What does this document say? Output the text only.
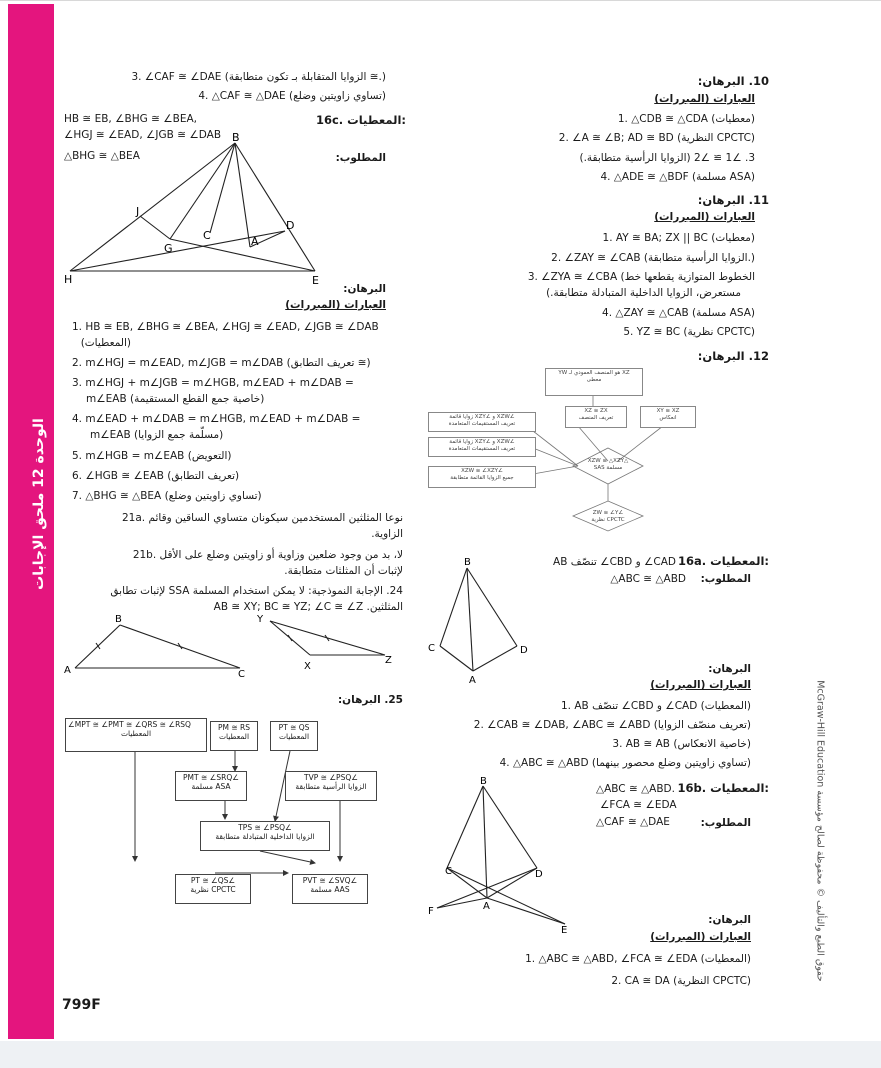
الوحدة 12 ملحق الإجابات
799F
McGraw-Hill Education حقوق الطبع والتأليف © محفوظة لصالح مؤسسة
3. ∠CAF ≅ ∠DAE (الزوايا المتقابلة بـ تكون متطابقة ≅.)
4. △CAF ≅ △DAE (تساوي زاويتين وضلع)
16c. المعطيات:
HB ≅ EB, ∠BHG ≅ ∠BEA,
∠HGJ ≅ ∠EAD, ∠JGB ≅ ∠DAB
△BHG ≅ △BEA	المطلوب:
B
J
G
C	A
D
H	E
البرهان:
العبارات (المبررات)
1. HB ≅ EB, ∠BHG ≅ ∠BEA, ∠HGJ ≅ ∠EAD, ∠JGB ≅ ∠DAB
(المعطيات)
2. m∠HGJ = m∠EAD, m∠JGB = m∠DAB (تعريف التطابق ≅)
3. m∠HGJ + m∠JGB = m∠HGB, m∠EAD + m∠DAB =
m∠EAB (خاصية جمع القطع المستقيمة)
4. m∠EAD + m∠DAB = m∠HGB, m∠EAD + m∠DAB =
m∠EAB (مسلّمة جمع الزوايا)
5. m∠HGB = m∠EAB (التعويض)
6. ∠HGB ≅ ∠EAB (تعريف التطابق)
7. △BHG ≅ △BEA (تساوي زاويتين وضلع)
21a. نوعا المثلثين المستخدمين سيكونان متساوي الساقين وقائم
الزاوية.
21b. لا، بد من وجود ضلعين وزاوية أو زاويتين وضلع على الأقل
لإثبات أن المثلثات متطابقة.
24. الإجابة النموذجية: لا يمكن استخدام المسلمة SSA لإثبات تطابق
المثلثين. AB ≅ XY; BC ≅ YZ; ∠C ≅ ∠Z
B
A	C
Y
X
Z
25. البرهان:
∠MPT ≅ ∠PMT ≅ ∠QRS ≅ ∠RSQ
المعطيات
PM ≅ RS
المعطيات
PT ≅ QS
المعطيات
∠PMT ≅ ∠SRQ
ASA مسلمة
∠TVP ≅ ∠PSQ
الزوايا الرأسية متطابقة
∠TPS ≅ ∠PSQ
الزوايا الداخلية المتبادلة متطابقة
∠PT ≅ ∠QS
CPCTC نظرية
∠PVT ≅ ∠SVQ
AAS مسلمة
10. البرهان:
العبارات (المبررات)
1. △CDB ≅ △CDA (معطيات)
2. ∠A ≅ ∠B; AD ≅ BD (النظرية CPCTC)
3. ∠1 ≅ ∠2 (الزوايا الرأسية متطابقة.)
4. △ADE ≅ △BDF (مسلمة ASA)
11. البرهان:
العبارات (المبررات)
1. AY ≅ BA; ZX || BC (معطيات)
2. ∠ZAY ≅ ∠CAB (الزوايا الرأسية متطابقة.)
3. ∠ZYA ≅ ∠CBA (الخطوط المتوازية يقطعها خط
مستعرض، الزوايا الداخلية المتبادلة متطابقة.)
4. △ZAY ≅ △CAB (مسلمة ASA)
5. YZ ≅ BC (نظرية CPCTC)
12. البرهان:
XZ هو المنصف العمودي لـ YW
معطى
XZ ≅ ZX
تعريف المنصف
XY ≅ XZ
انعكاس
∠XZW و ∠XZY زوايا قائمة
تعريف المستقيمات المتعامدة
∠XZW و ∠XZY زوايا قائمة
تعريف المستقيمات المتعامدة
∠XZW ≅ ∠XZY
جميع الزوايا القائمة متطابقة
△XZW ≅ △XZY
مسلمة SAS
∠ZW ≅ ∠Y
CPCTC نظرية
16a. المعطيات:
AB تنصّف ∠CBD و ∠CAD
المطلوب:
△ABC ≅ △ABD
B
C	D
A
البرهان:
العبارات (المبررات)
1. AB تنصّف ∠CBD و ∠CAD (المعطيات)
2. ∠CAB ≅ ∠DAB, ∠ABC ≅ ∠ABD (تعريف منصّف الزوايا)
3. AB ≅ AB (خاصية الانعكاس)
4. △ABC ≅ △ABD (تساوي زاويتين وضلع محصور بينهما)
16b. المعطيات:
△ABC ≅ △ABD.
∠FCA ≅ ∠EDA
المطلوب:
△CAF ≅ △DAE
B
C	D
A
F
E
البرهان:
العبارات (المبررات)
1. △ABC ≅ △ABD, ∠FCA ≅ ∠EDA (المعطيات)
2. CA ≅ DA (النظرية CPCTC)
